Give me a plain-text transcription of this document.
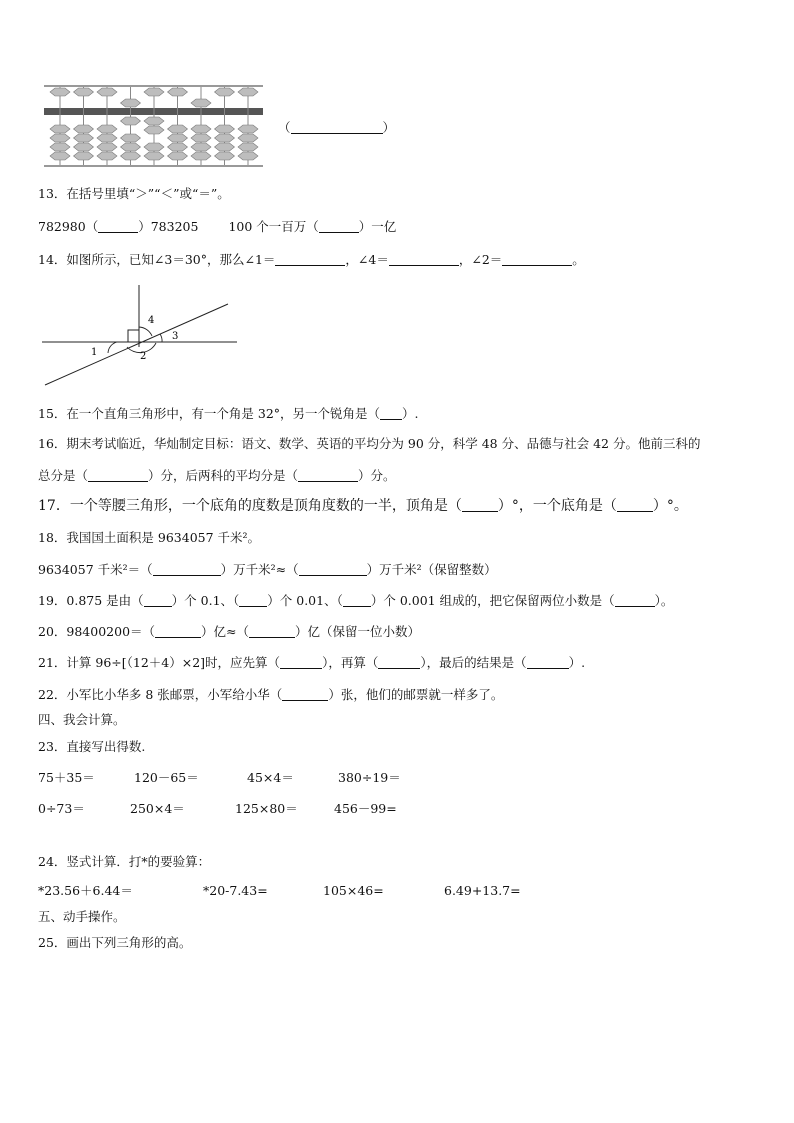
（	）
13．在括号里填“＞”“＜”或“＝”。
782980（	）783205 100 个一百万（	）一亿
14．如图所示，已知∠3＝30°，那么∠1＝	，∠4＝	，∠2＝	。
1	2
3
4
15．在一个直角三角形中，有一个角是 32°，另一个锐角是（ ）.
16．期末考试临近，华灿制定目标：语文、数学、英语的平均分为 90 分，科学 48 分、品德与社会 42 分。他前三科的
总分是（	）分，后两科的平均分是（	）分。
17．一个等腰三角形，一个底角的度数是顶角度数的一半，顶角是（	）°，一个底角是（	）°。
18．我国国土面积是 9634057 千米²。
9634057 千米²＝（	）万千米²≈（	）万千米²（保留整数）
19．0.875 是由（ ）个 0.1、（ ）个 0.01、（ ）个 0.001 组成的，把它保留两位小数是（	）。
20．98400200＝（	）亿≈（	）亿（保留一位小数）
21．计算 96÷[（12＋4）×2]时，应先算（	），再算（	），最后的结果是（	）.
22．小军比小华多 8 张邮票，小军给小华（	）张，他们的邮票就一样多了。
四、我会计算。
23．直接写出得数.
75＋35＝	120－65＝	45×4＝	380÷19＝
0÷73＝	250×4＝	125×80＝	456－99=
24．竖式计算．打*的要验算：
*23.56＋6.44＝	*20-7.43=	105×46=	6.49+13.7=
五、动手操作。
25．画出下列三角形的高。
